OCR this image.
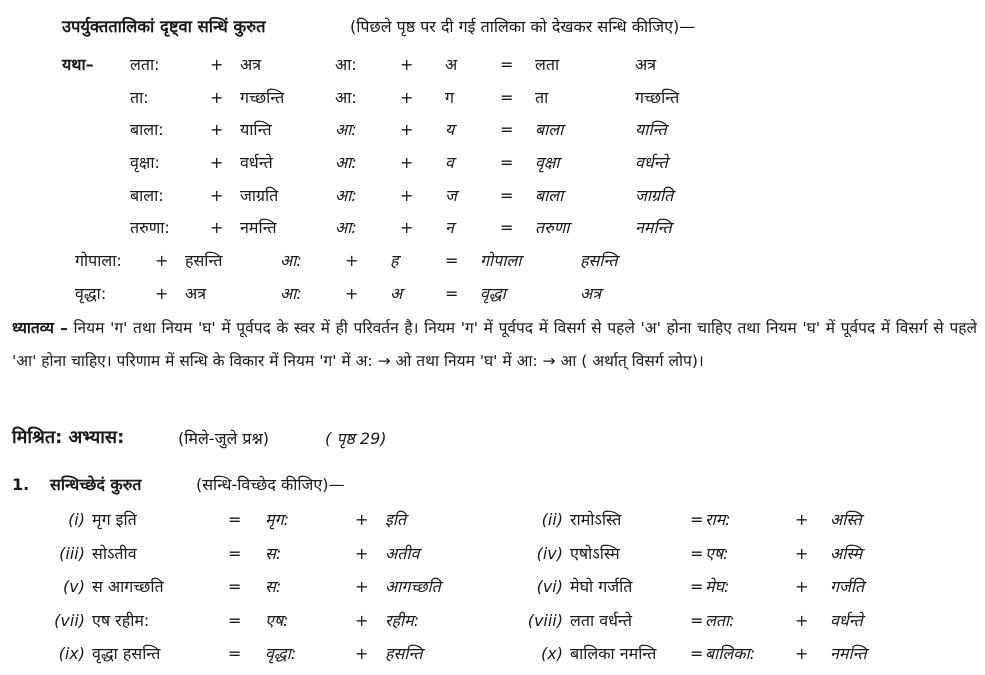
उपर्युक्ततालिकां दृष्ट्वा सन्धिं कुरुत	(पिछले पृष्ठ पर दी गई तालिका को देखकर सन्धि कीजिए)—
यथा– लता:	+ अत्र	आ:	+ अ	= लता	अत्र
ता:	+ गच्छन्ति	आ:	+ ग	= ता	गच्छन्ति
बाला:	+ यान्ति	आ:	+ य	= बाला	यान्ति
वृक्षा:	+ वर्धन्ते	आ:	+ व	= वृक्षा	वर्धन्ते
बाला:	+ जाग्रति	आ:	+ ज	= बाला	जाग्रति
तरुणा:	+ नमन्ति	आ:	+ न	= तरुणा	नमन्ति
गोपाला: + हसन्ति	आ:	+ ह	= गोपाला	हसन्ति
वृद्धा:	+ अत्र	आ:	+ अ	= वृद्धा	अत्र
ध्यातव्य – नियम 'ग' तथा नियम 'घ' में पूर्वपद के स्वर में ही परिवर्तन है। नियम 'ग' में पूर्वपद में विसर्ग से पहले 'अ' होना चाहिए तथा नियम 'घ' में पूर्वपद में विसर्ग से पहले 'आ' होना चाहिए। परिणाम में सन्धि के विकार में नियम 'ग' में अ: → ओ तथा नियम 'घ' में आ: → आ ( अर्थात् विसर्ग लोप)।
मिश्रित: अभ्यास:	(मिले-जुले प्रश्न)	( पृष्ठ 29)
1. सन्धिच्छेदं कुरुत	(सन्धि-विच्छेद कीजिए)—
(i) मृग इति	= मृग:	+ इति	(ii) रामोऽस्ति	= राम:	+ अस्ति
(iii) सोऽतीव	= स:	+ अतीव	(iv) एषोऽस्मि	= एष:	+ अस्मि
(v) स आगच्छति	= स:	+ आगच्छति	(vi) मेघो गर्जति	= मेघ:	+ गर्जति
(vii) एष रहीम:	= एष:	+ रहीम:	(viii) लता वर्धन्ते	= लता:	+ वर्धन्ते
(ix) वृद्धा हसन्ति	= वृद्धा:	+ हसन्ति	(x) बालिका नमन्ति = बालिका: + नमन्ति
